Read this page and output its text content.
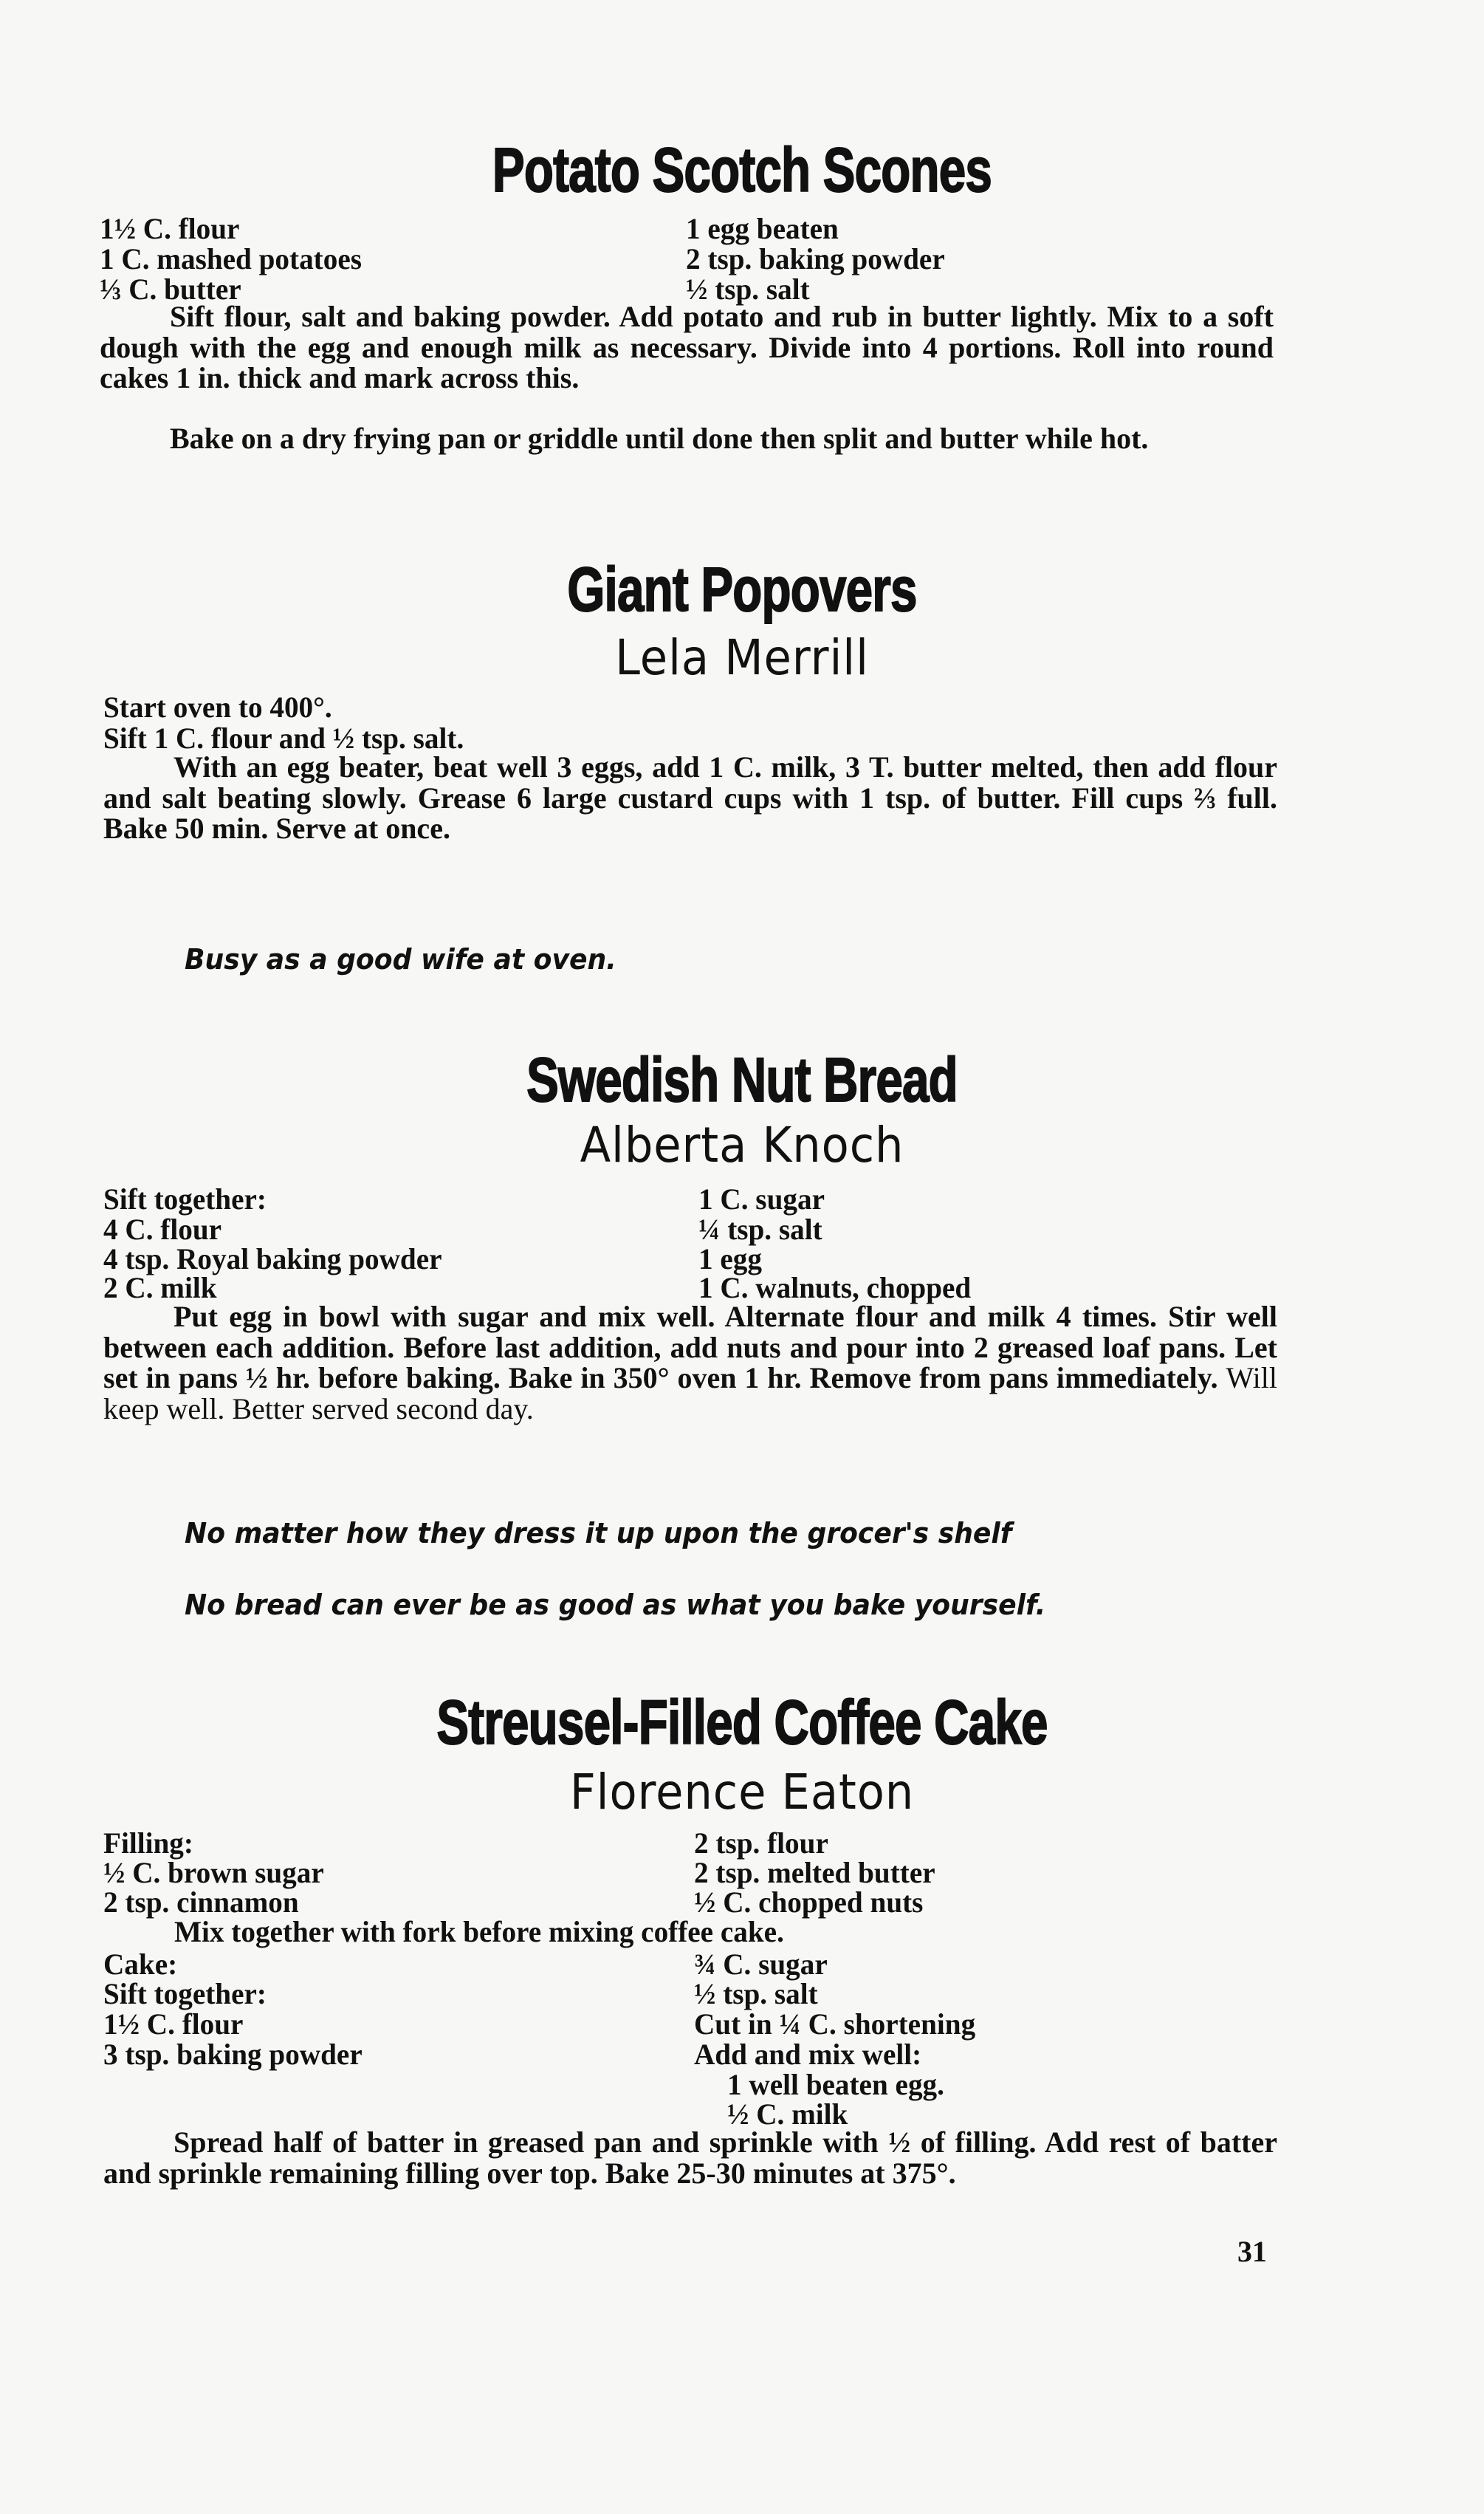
Potato Scotch Scones
1½ C. flour
1 C. mashed potatoes
⅓ C. butter
1 egg beaten
2 tsp. baking powder
½ tsp. salt

Sift flour, salt and baking powder. Add potato and rub in butter lightly. Mix to a soft dough with the egg and enough milk as necessary. Divide into 4 portions. Roll into round cakes 1 in. thick and mark across this.

Bake on a dry frying pan or griddle until done then split and butter while hot.

Giant Popovers
Lela Merrill
Start oven to 400°.
Sift 1 C. flour and ½ tsp. salt.

With an egg beater, beat well 3 eggs, add 1 C. milk, 3 T. butter melted, then add flour and salt beating slowly. Grease 6 large custard cups with 1 tsp. of butter. Fill cups ⅔ full. Bake 50 min. Serve at once.

Busy as a good wife at oven.
Swedish Nut Bread
Alberta Knoch
Sift together:
4 C. flour
4 tsp. Royal baking powder
2 C. milk
1 C. sugar
¼ tsp. salt
1 egg
1 C. walnuts, chopped

Put egg in bowl with sugar and mix well. Alternate flour and milk 4 times. Stir well between each addition. Before last addition, add nuts and pour into 2 greased loaf pans. Let set in pans ½ hr. before baking. Bake in 350° oven 1 hr. Remove from pans immediately. Will keep well. Better served second day.

No matter how they dress it up upon the grocer's shelf
No bread can ever be as good as what you bake yourself.
Streusel-Filled Coffee Cake
Florence Eaton
Filling:
½ C. brown sugar
2 tsp. cinnamon
2 tsp. flour
2 tsp. melted butter
½ C. chopped nuts
Mix together with fork before mixing coffee cake.
Cake:
Sift together:
1½ C. flour
3 tsp. baking powder
¾ C. sugar
½ tsp. salt
Cut in ¼ C. shortening
Add and mix well:
1 well beaten egg.
½ C. milk

Spread half of batter in greased pan and sprinkle with ½ of filling. Add rest of batter and sprinkle remaining filling over top. Bake 25-30 minutes at 375°.

31
